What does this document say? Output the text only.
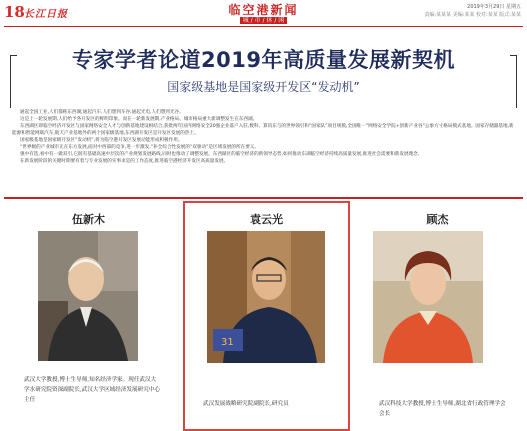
18 长江日报	临空港新闻
城 / 市 / 休 / 闲
2019年3月29日 星期五
责编:某某某 美编:某某 校对:某某 版式:某某
专家学者论道2019年高质量发展新契机
国家级基地是国家级开发区“发动机”

通起全国工业,人们都称东西湖;通起汽车,人们想到车谷;通起光电,人们想到光谷。

这是上一轮发展期,人们给予各开发区的鲜明印象。而在一轮新发展期,产业格局、城市格局重大新调整发生在东西湖。

东西湖区即临空经济开发区与国家网络安全人才与创新基地建设相结合,获批两年国内网络安全20强企业落户入驻,数科、算讯东与的世界领引和“国家队”项目规模,全国唯一“网络安全学院+创新产业谷”公象方寸格局模式基地。国家存储器基地,新能源和智能网联汽车,航天产业基地外的两个国家级基地,东西湖开发区是开发区发展的热土。

国家级基地是国家级开发区“发动机”,将为临空港开发区发展动能形成积极作用。

“世界级的产业城市正在东方发展,面对中西部的竞争,进一步激发,“补全综合性发展的“双驱动”是区域发展的所在要义。

强中有选,看中有一做双引,它既有基础高速中层次的产业规划发展路线,同时也推动了调整发展。东西湖区的临空经济的新领导态势,如何推动东湖临空经济持续高质量发展,推进社会需要和新发展理念,

在新发展阶段的关键时期要有着与专业发展的实事求是的工作态度,推进临空港经济开发区高质量发展。

伍新木
武汉大学教授,博士生导师,知名经济学家。现任武汉大学水研究院资深副院长,武汉大学区域经济发展研究中心主任
袁云光
31
武汉发展战略研究院副院长,研究员
顾杰
武汉科技大学教授,博士生导师,湖北省行政管理学会会长
